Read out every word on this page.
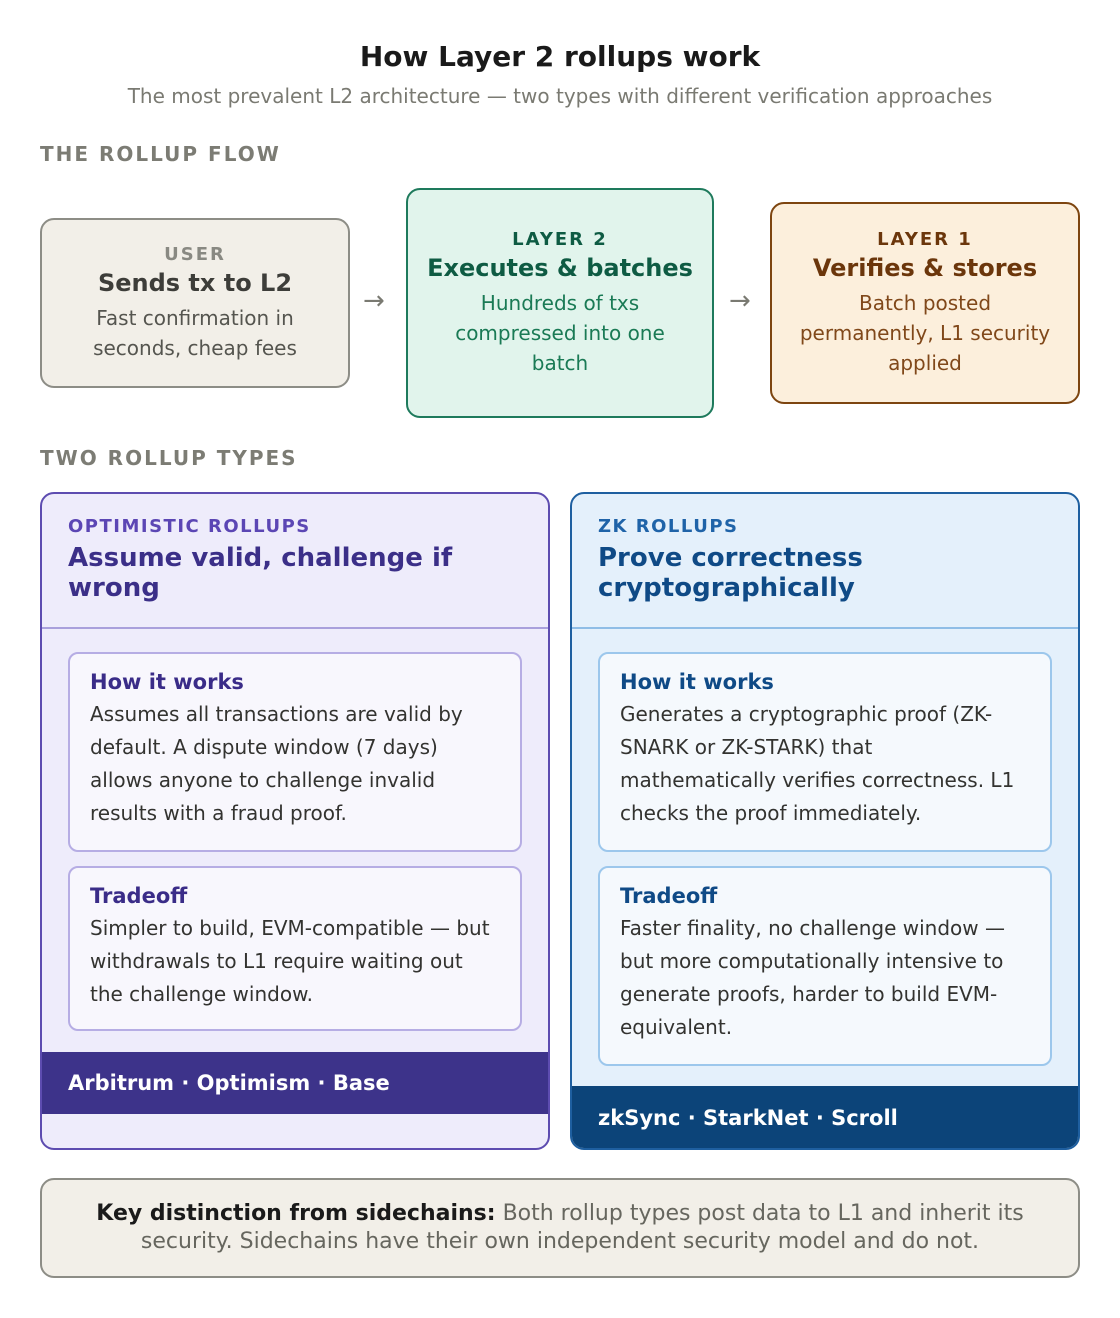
How Layer 2 rollups work
The most prevalent L2 architecture — two types with different verification approaches
THE ROLLUP FLOW
USER
Sends tx to L2
Fast confirmation in seconds, cheap fees
→
LAYER 2
Executes & batches
Hundreds of txs compressed into one batch
→
LAYER 1
Verifies & stores
Batch posted permanently, L1 security applied
TWO ROLLUP TYPES
OPTIMISTIC ROLLUPS
Assume valid, challenge if wrong
How it works
Assumes all transactions are valid by default. A dispute window (7 days) allows anyone to challenge invalid results with a fraud proof.
Tradeoff
Simpler to build, EVM-compatible — but withdrawals to L1 require waiting out the challenge window.
Arbitrum · Optimism · Base
ZK ROLLUPS
Prove correctness cryptographically
How it works
Generates a cryptographic proof (ZK-SNARK or ZK-STARK) that mathematically verifies correctness. L1 checks the proof immediately.
Tradeoff
Faster finality, no challenge window — but more computationally intensive to generate proofs, harder to build EVM-equivalent.
zkSync · StarkNet · Scroll
Key distinction from sidechains: Both rollup types post data to L1 and inherit its security. Sidechains have their own independent security model and do not.
